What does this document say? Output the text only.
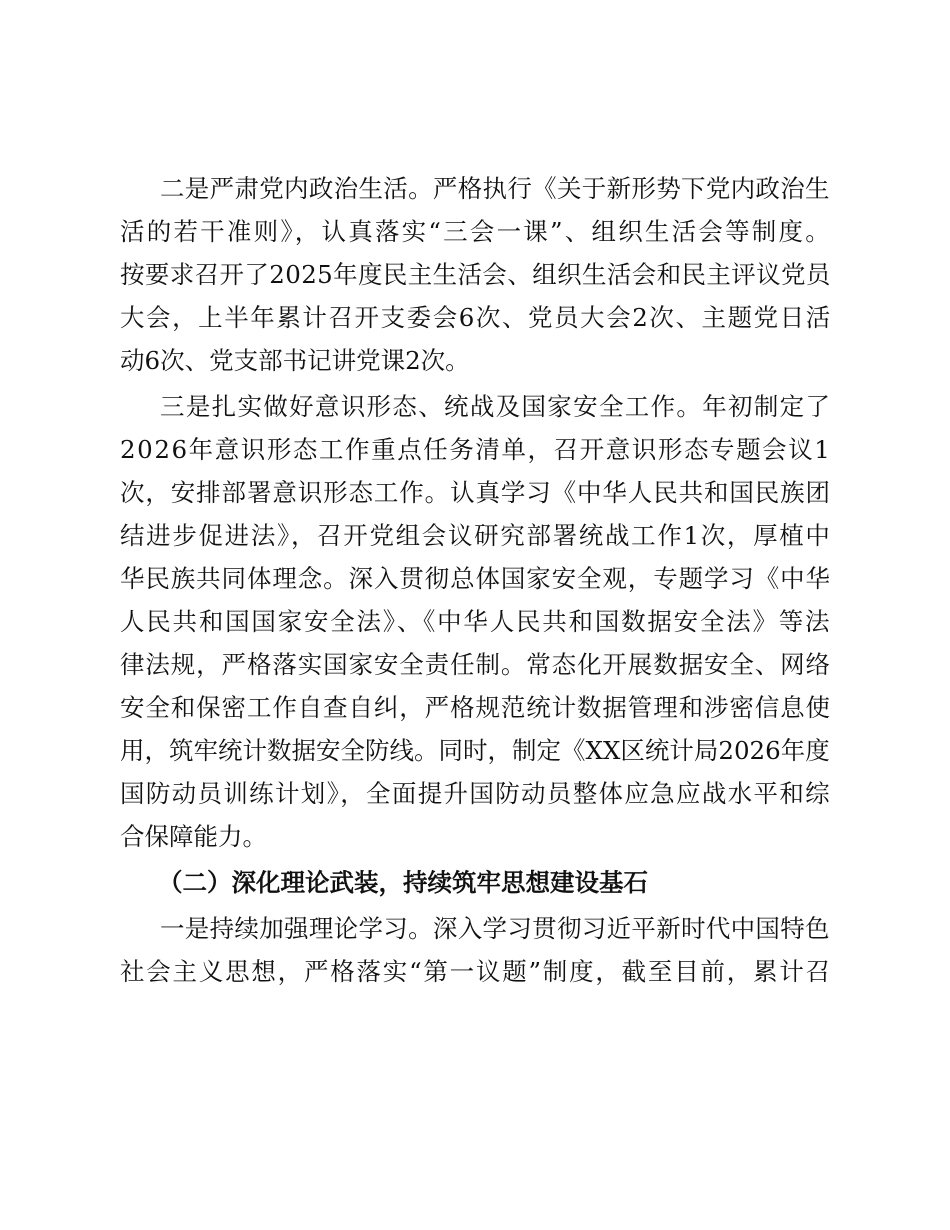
二是严肃党内政治生活。严格执行《关于新形势下党内政治生
活的若干准则》，认真落实“三会一课”、组织生活会等制度。
按要求召开了2025年度民主生活会、组织生活会和民主评议党员
大会，上半年累计召开支委会6次、党员大会2次、主题党日活
动6次、党支部书记讲党课2次。
三是扎实做好意识形态、统战及国家安全工作。年初制定了
2026年意识形态工作重点任务清单，召开意识形态专题会议1
次，安排部署意识形态工作。认真学习《中华人民共和国民族团
结进步促进法》，召开党组会议研究部署统战工作1次，厚植中
华民族共同体理念。深入贯彻总体国家安全观，专题学习《中华
人民共和国国家安全法》、《中华人民共和国数据安全法》等法
律法规，严格落实国家安全责任制。常态化开展数据安全、网络
安全和保密工作自查自纠，严格规范统计数据管理和涉密信息使
用，筑牢统计数据安全防线。同时，制定《XX区统计局2026年度
国防动员训练计划》，全面提升国防动员整体应急应战水平和综
合保障能力。
（二）深化理论武装，持续筑牢思想建设基石
一是持续加强理论学习。深入学习贯彻习近平新时代中国特色
社会主义思想，严格落实“第一议题”制度，截至目前，累计召
